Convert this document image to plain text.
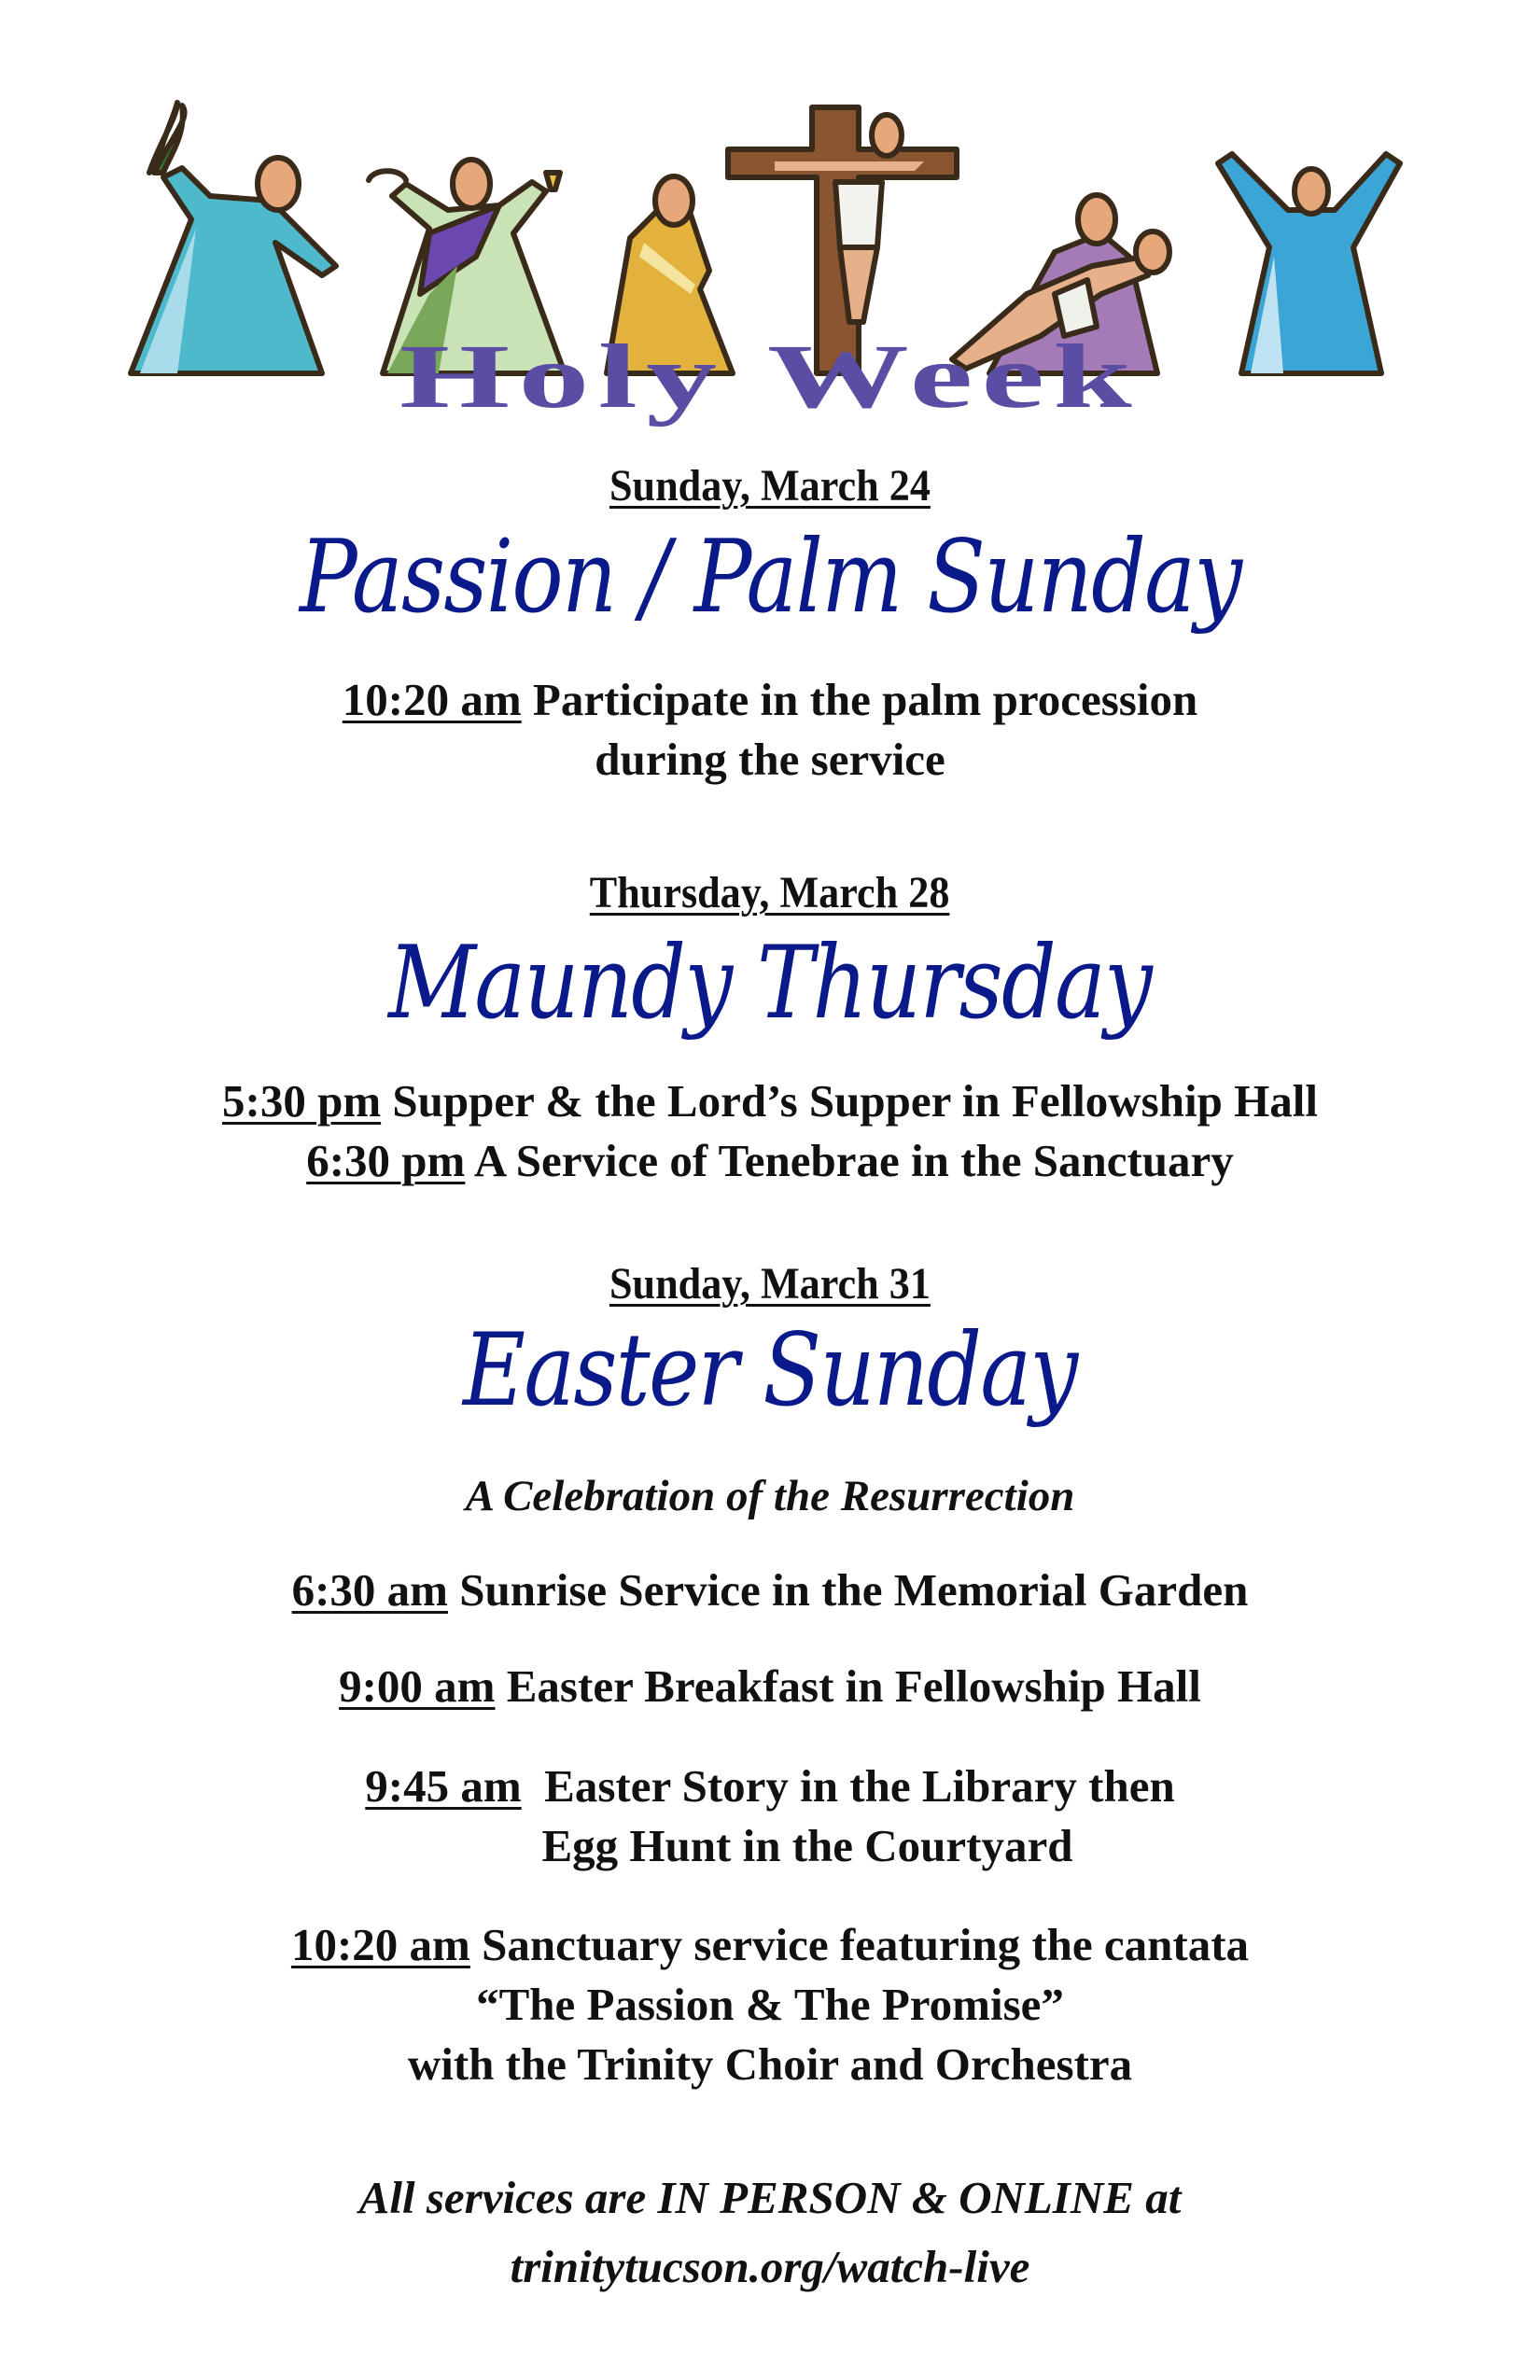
Holy Week
Sunday, March 24
Passion / Palm Sunday
10:20 am Participate in the palm procession
during the service
Thursday, March 28
Maundy Thursday
5:30 pm Supper & the Lord’s Supper in Fellowship Hall
6:30 pm A Service of Tenebrae in the Sanctuary
Sunday, March 31
Easter Sunday
A Celebration of the Resurrection
6:30 am Sunrise Service in the Memorial Garden
9:00 am Easter Breakfast in Fellowship Hall
9:45 am  Easter Story in the Library then
Egg Hunt in the Courtyard
10:20 am Sanctuary service featuring the cantata
“The Passion & The Promise”
with the Trinity Choir and Orchestra
All services are IN PERSON & ONLINE at
trinitytucson.org/watch-live
